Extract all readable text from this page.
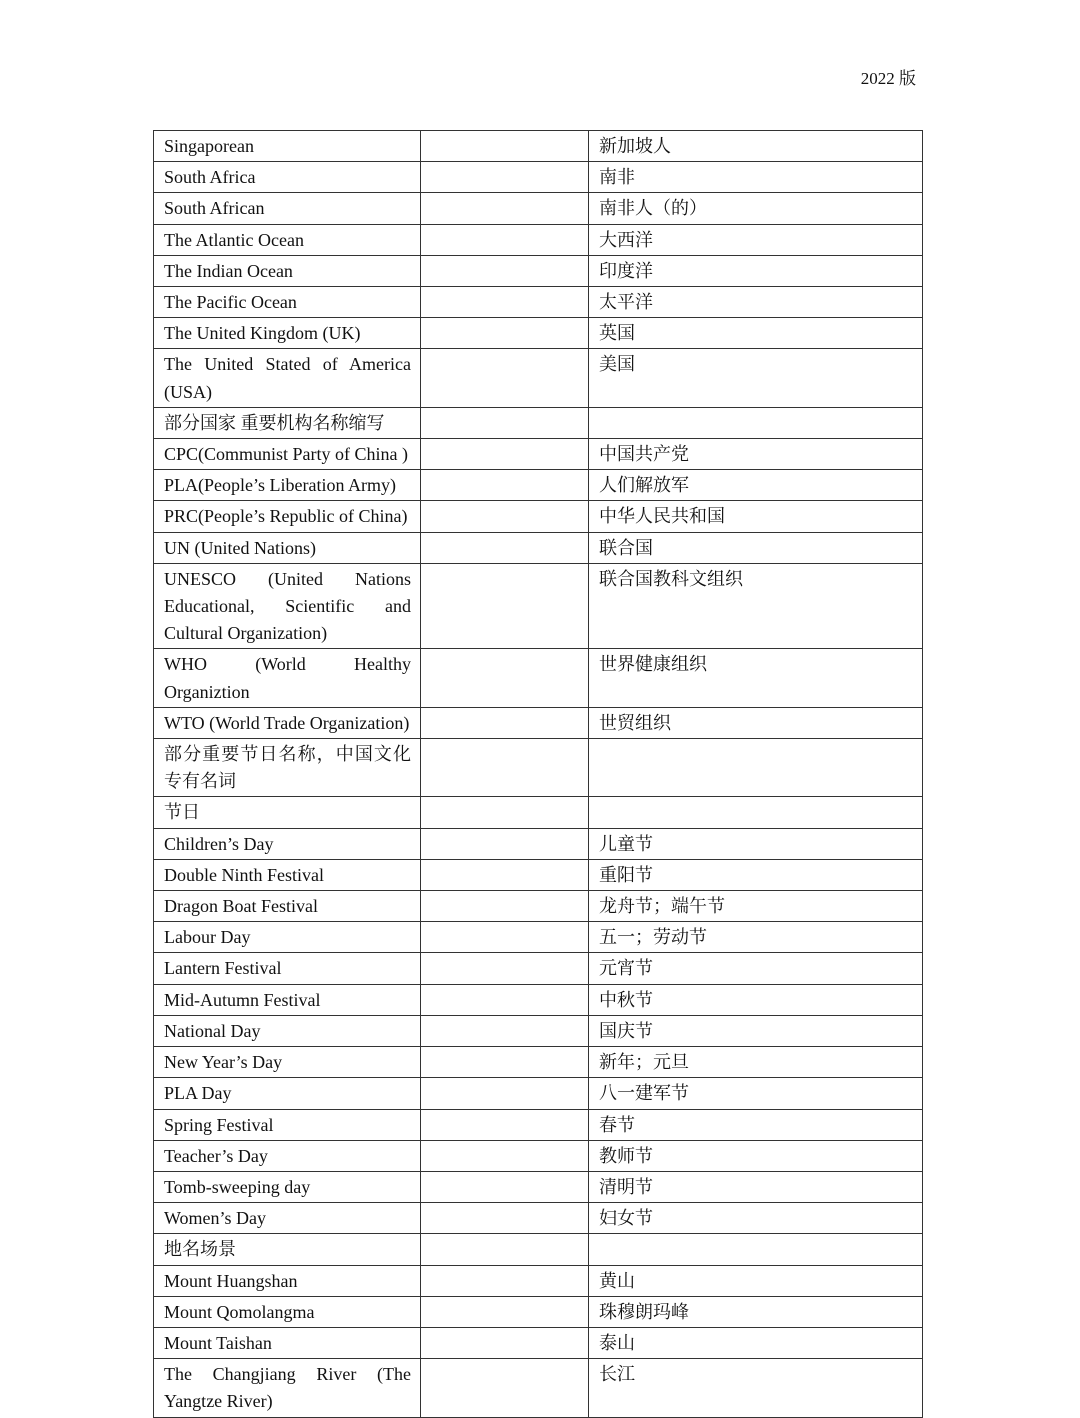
2022 版
Singaporean		新加坡人
South Africa		南非
South African		南非人（的）
The Atlantic Ocean		大西洋
The Indian Ocean		印度洋
The Pacific Ocean		太平洋
The United Kingdom (UK)		英国
The United Stated of America (USA)		美国
部分国家 重要机构名称缩写		
CPC(Communist Party of China )		中国共产党
PLA(People’s Liberation Army)		人们解放军
PRC(People’s Republic of China)		中华人民共和国
UN (United Nations)		联合国
UNESCO (United Nations Educational, Scientific and Cultural Organization)		联合国教科文组织
WHO (World Healthy Organiztion		世界健康组织
WTO (World Trade Organization)		世贸组织
部分重要节日名称，中国文化专有名词		
节日		
Children’s Day		儿童节
Double Ninth Festival		重阳节
Dragon Boat Festival		龙舟节；端午节
Labour Day		五一；劳动节
Lantern Festival		元宵节
Mid-Autumn Festival		中秋节
National Day		国庆节
New Year’s Day		新年；元旦
PLA Day		八一建军节
Spring Festival		春节
Teacher’s Day		教师节
Tomb-sweeping day		清明节
Women’s Day		妇女节
地名场景		
Mount Huangshan		黄山
Mount Qomolangma		珠穆朗玛峰
Mount Taishan		泰山
The Changjiang River (The Yangtze River)		长江
